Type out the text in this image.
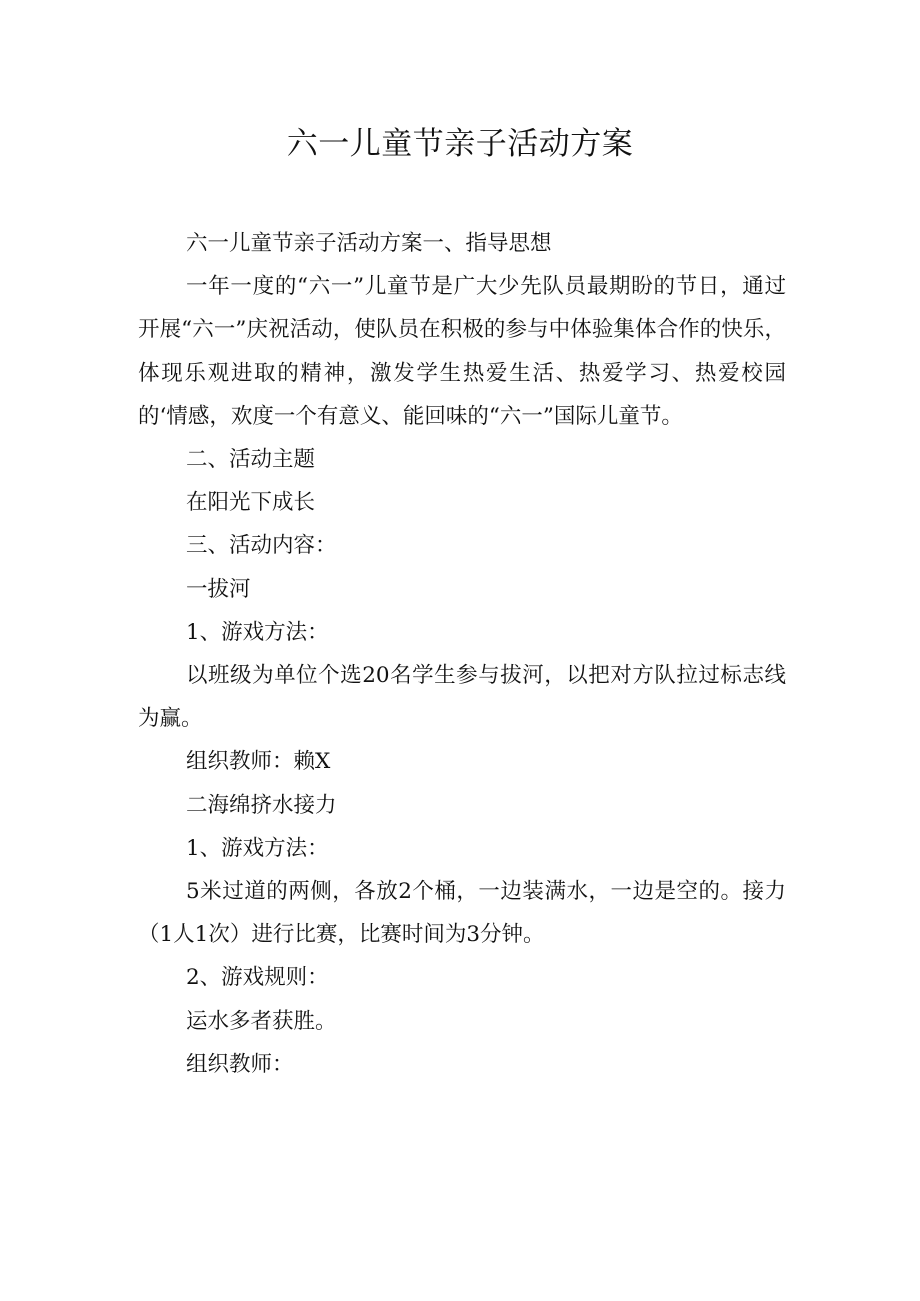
六一儿童节亲子活动方案

六一儿童节亲子活动方案一、指导思想

一年一度的“六一”儿童节是广大少先队员最期盼的节日，通过开展“六一”庆祝活动，使队员在积极的参与中体验集体合作的快乐，体现乐观进取的精神，激发学生热爱生活、热爱学习、热爱校园的‘情感，欢度一个有意义、能回味的“六一”国际儿童节。

二、活动主题

在阳光下成长

三、活动内容：

一拔河

1、游戏方法：

以班级为单位个选20名学生参与拔河，以把对方队拉过标志线为赢。

组织教师：赖X

二海绵挤水接力

1、游戏方法：

5米过道的两侧，各放2个桶，一边装满水，一边是空的。接力（1人1次）进行比赛，比赛时间为3分钟。

2、游戏规则：

运水多者获胜。

组织教师：
